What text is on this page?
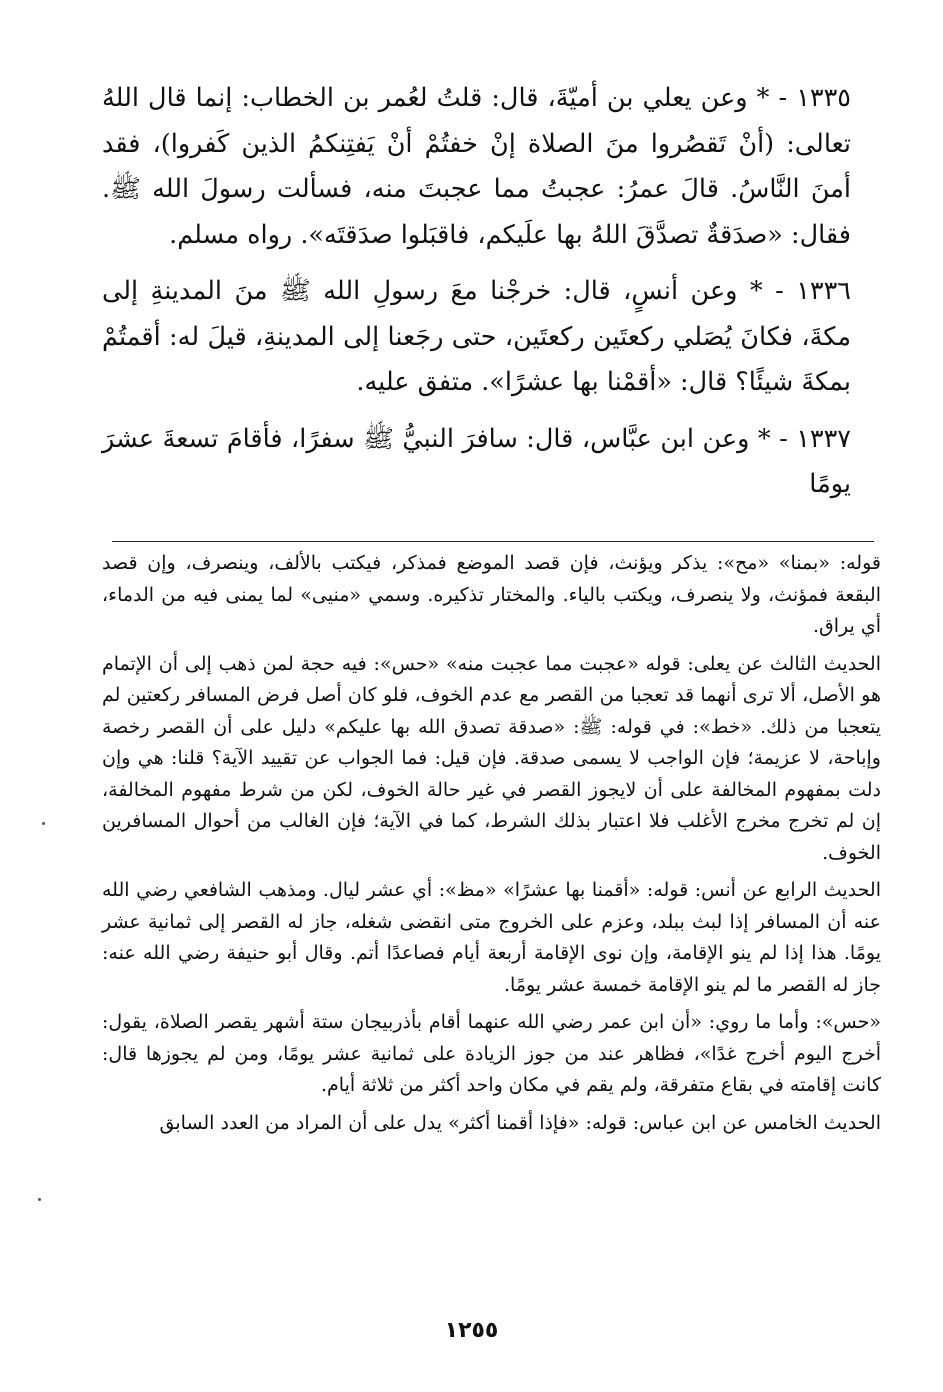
١٣٣٥ - * وعن يعلي بن أميّةَ، قال: قلتُ لعُمر بن الخطاب: إنما قال اللهُ تعالى: (أنْ تَقصُروا منَ الصلاة إنْ خفتُمْ أنْ يَفتِنكمُ الذين كَفروا)، فقد أمنَ النَّاسُ. قالَ عمرُ: عجبتُ مما عجبتَ منه، فسألت رسولَ الله ﷺ. فقال: «صدَقةٌ تصدَّقَ اللهُ بها علَيكم، فاقبَلوا صدَقتَه». رواه مسلم.

١٣٣٦ - * وعن أنسٍ، قال: خرجْنا معَ رسولِ الله ﷺ منَ المدينةِ إلى مكةَ، فكانَ يُصَلي ركعتَين ركعتَين، حتى رجَعنا إلى المدينةِ، قيلَ له: أقمتُمْ بمكةَ شيئًا؟ قال: «أقمْنا بها عشرًا». متفق عليه.

١٣٣٧ - * وعن ابن عبَّاس، قال: سافرَ النبيُّ ﷺ سفرًا، فأقامَ تسعةَ عشرَ يومًا

قوله: «بمنا» «مح»: يذكر ويؤنث، فإن قصد الموضع فمذكر، فيكتب بالألف، وينصرف، وإن قصد البقعة فمؤنث، ولا ينصرف، ويكتب بالياء. والمختار تذكيره. وسمي «منيى» لما يمنى فيه من الدماء، أي يراق.

الحديث الثالث عن يعلى: قوله «عجبت مما عجبت منه» «حس»: فيه حجة لمن ذهب إلى أن الإتمام هو الأصل، ألا ترى أنهما قد تعجبا من القصر مع عدم الخوف، فلو كان أصل فرض المسافر ركعتين لم يتعجبا من ذلك. «خط»: في قوله: ﷺ: «صدقة تصدق الله بها عليكم» دليل على أن القصر رخصة وإباحة، لا عزيمة؛ فإن الواجب لا يسمى صدقة. فإن قيل: فما الجواب عن تقييد الآية؟ قلنا: هي وإن دلت بمفهوم المخالفة على أن لايجوز القصر في غير حالة الخوف، لكن من شرط مفهوم المخالفة، إن لم تخرج مخرج الأغلب فلا اعتبار بذلك الشرط، كما في الآية؛ فإن الغالب من أحوال المسافرين الخوف.

الحديث الرابع عن أنس: قوله: «أقمنا بها عشرًا» «مظ»: أي عشر ليال. ومذهب الشافعي رضي الله عنه أن المسافر إذا لبث ببلد، وعزم على الخروج متى انقضى شغله، جاز له القصر إلى ثمانية عشر يومًا. هذا إذا لم ينو الإقامة، وإن نوى الإقامة أربعة أيام فصاعدًا أتم. وقال أبو حنيفة رضي الله عنه: جاز له القصر ما لم ينو الإقامة خمسة عشر يومًا.

«حس»: وأما ما روي: «أن ابن عمر رضي الله عنهما أقام بأذربيجان ستة أشهر يقصر الصلاة، يقول: أخرج اليوم أخرج غدًا»، فظاهر عند من جوز الزيادة على ثمانية عشر يومًا، ومن لم يجوزها قال: كانت إقامته في بقاع متفرقة، ولم يقم في مكان واحد أكثر من ثلاثة أيام.

الحديث الخامس عن ابن عباس: قوله: «فإذا أقمنا أكثر» يدل على أن المراد من العدد السابق

١٢٥٥
